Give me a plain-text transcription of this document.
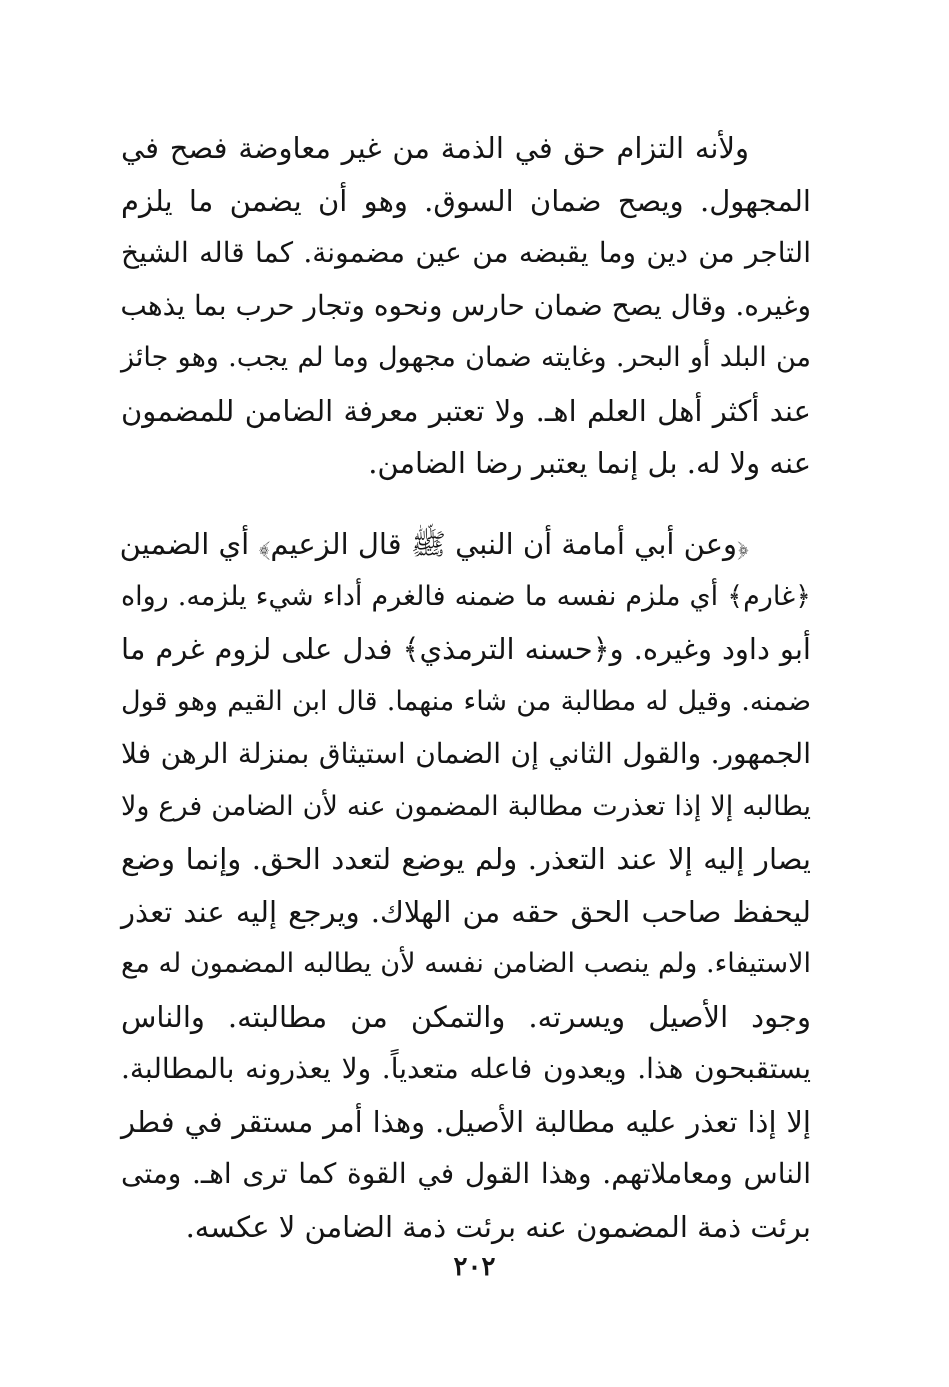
ولأنه التزام حق في الذمة من غير معاوضة فصح في
المجهول. ويصح ضمان السوق. وهو أن يضمن ما يلزم
التاجر من دين وما يقبضه من عين مضمونة. كما قاله الشيخ
وغيره. وقال يصح ضمان حارس ونحوه وتجار حرب بما يذهب
من البلد أو البحر. وغايته ضمان مجهول وما لم يجب. وهو جائز
عند أكثر أهل العلم اهـ. ولا تعتبر معرفة الضامن للمضمون
عنه ولا له. بل إنما يعتبر رضا الضامن.
﴿وعن أبي أمامة أن النبي ﷺ قال الزعيم﴾ أي الضمين
﴿غارم﴾ أي ملزم نفسه ما ضمنه فالغرم أداء شيء يلزمه. رواه
أبو داود وغيره. و﴿حسنه الترمذي﴾ فدل على لزوم غرم ما
ضمنه. وقيل له مطالبة من شاء منهما. قال ابن القيم وهو قول
الجمهور. والقول الثاني إن الضمان استيثاق بمنزلة الرهن فلا
يطالبه إلا إذا تعذرت مطالبة المضمون عنه لأن الضامن فرع ولا
يصار إليه إلا عند التعذر. ولم يوضع لتعدد الحق. وإنما وضع
ليحفظ صاحب الحق حقه من الهلاك. ويرجع إليه عند تعذر
الاستيفاء. ولم ينصب الضامن نفسه لأن يطالبه المضمون له مع
وجود الأصيل ويسرته. والتمكن من مطالبته. والناس
يستقبحون هذا. ويعدون فاعله متعدياً. ولا يعذرونه بالمطالبة.
إلا إذا تعذر عليه مطالبة الأصيل. وهذا أمر مستقر في فطر
الناس ومعاملاتهم. وهذا القول في القوة كما ترى اهـ. ومتى
برئت ذمة المضمون عنه برئت ذمة الضامن لا عكسه.
٢٠٢
